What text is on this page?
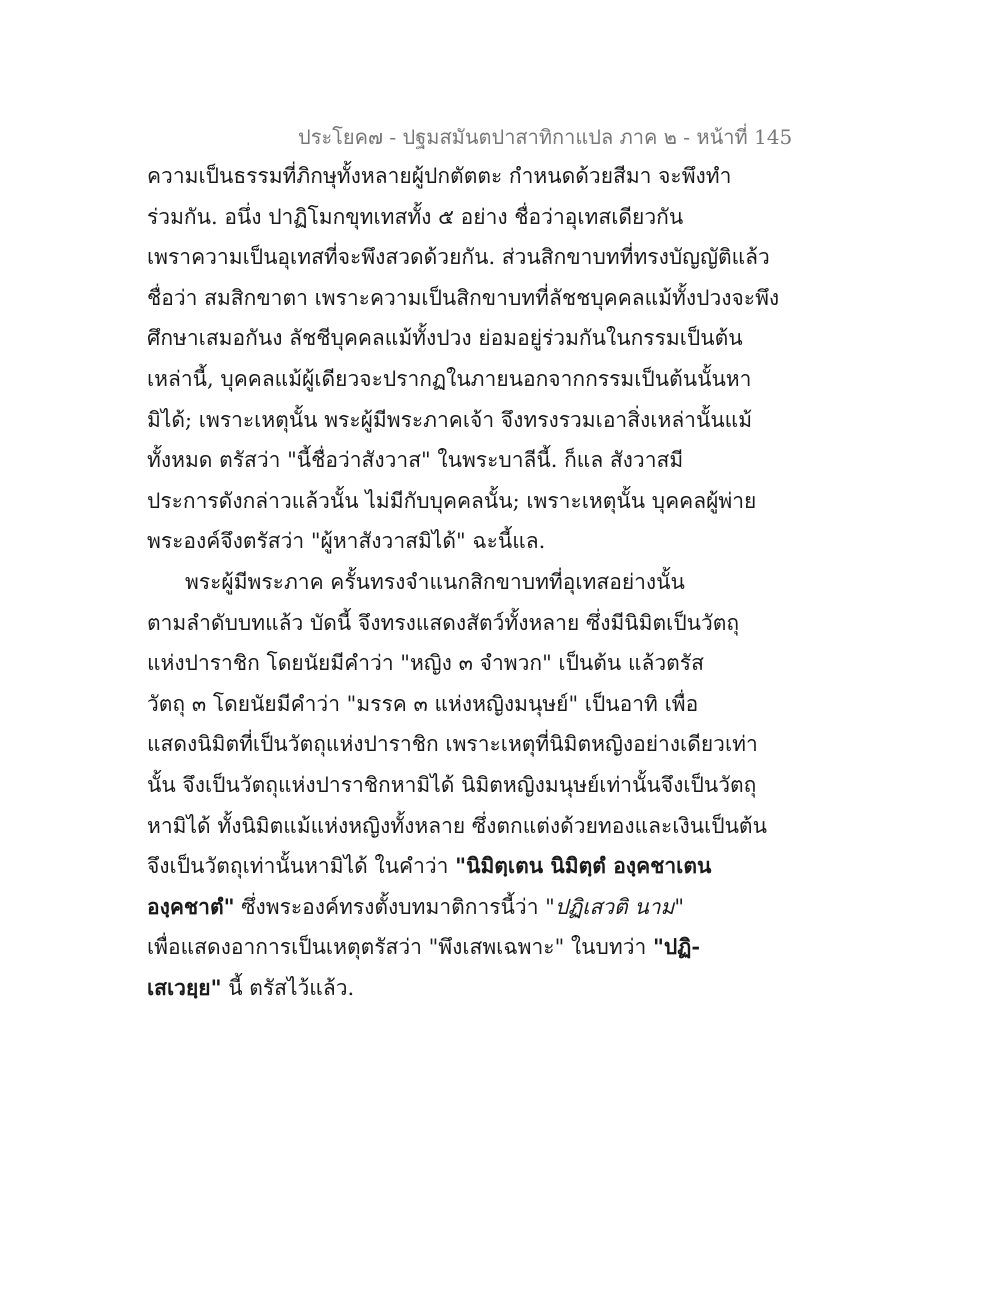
ประโยค๗ - ปฐมสมันตปาสาทิกาแปล ภาค ๒ - หน้าที่ 145
ความเป็นธรรมที่ภิกษุทั้งหลายผู้ปกตัตตะ กำหนดด้วยสีมา จะพึงทำ
ร่วมกัน. อนึ่ง ปาฏิโมกขุทเทสทั้ง ๕ อย่าง ชื่อว่าอุเทสเดียวกัน
เพราความเป็นอุเทสที่จะพึงสวดด้วยกัน. ส่วนสิกขาบทที่ทรงบัญญัติแล้ว
ชื่อว่า สมสิกขาตา เพราะความเป็นสิกขาบทที่ลัชชบุคคลแม้ทั้งปวงจะพึง
ศึกษาเสมอกันง ลัชชีบุคคลแม้ทั้งปวง ย่อมอยู่ร่วมกันในกรรมเป็นต้น
เหล่านี้, บุคคลแม้ผู้เดียวจะปรากฏในภายนอกจากกรรมเป็นต้นนั้นหา
มิได้; เพราะเหตุนั้น พระผู้มีพระภาคเจ้า จึงทรงรวมเอาสิ่งเหล่านั้นแม้
ทั้งหมด ตรัสว่า "นี้ชื่อว่าสังวาส" ในพระบาลีนี้. ก็แล สังวาสมี
ประการดังกล่าวแล้วนั้น ไม่มีกับบุคคลนั้น; เพราะเหตุนั้น บุคคลผู้พ่าย
พระองค์จึงตรัสว่า "ผู้หาสังวาสมิได้" ฉะนี้แล.
พระผู้มีพระภาค ครั้นทรงจำแนกสิกขาบทที่อุเทสอย่างนั้น
ตามลำดับบทแล้ว บัดนี้ จึงทรงแสดงสัตว์ทั้งหลาย ซึ่งมีนิมิตเป็นวัตถุ
แห่งปาราชิก โดยนัยมีคำว่า "หญิง ๓ จำพวก" เป็นต้น แล้วตรัส
วัตถุ ๓ โดยนัยมีคำว่า "มรรค ๓ แห่งหญิงมนุษย์" เป็นอาทิ เพื่อ
แสดงนิมิตที่เป็นวัตถุแห่งปาราชิก เพราะเหตุที่นิมิตหญิงอย่างเดียวเท่า
นั้น จึงเป็นวัตถุแห่งปาราชิกหามิได้ นิมิตหญิงมนุษย์เท่านั้นจึงเป็นวัตถุ
หามิได้ ทั้งนิมิตแม้แห่งหญิงทั้งหลาย ซึ่งตกแต่งด้วยทองและเงินเป็นต้น
จึงเป็นวัตถุเท่านั้นหามิได้ ในคำว่า "นิมิตฺเตน นิมิตฺตํ องฺคชาเตน
องฺคชาตํ" ซึ่งพระองค์ทรงตั้งบทมาติการนี้ว่า "ปฏิเสวติ นาม"
เพื่อแสดงอาการเป็นเหตุตรัสว่า "พึงเสพเฉพาะ" ในบทว่า "ปฏิ-
เสเวยฺย" นี้ ตรัสไว้แล้ว.
